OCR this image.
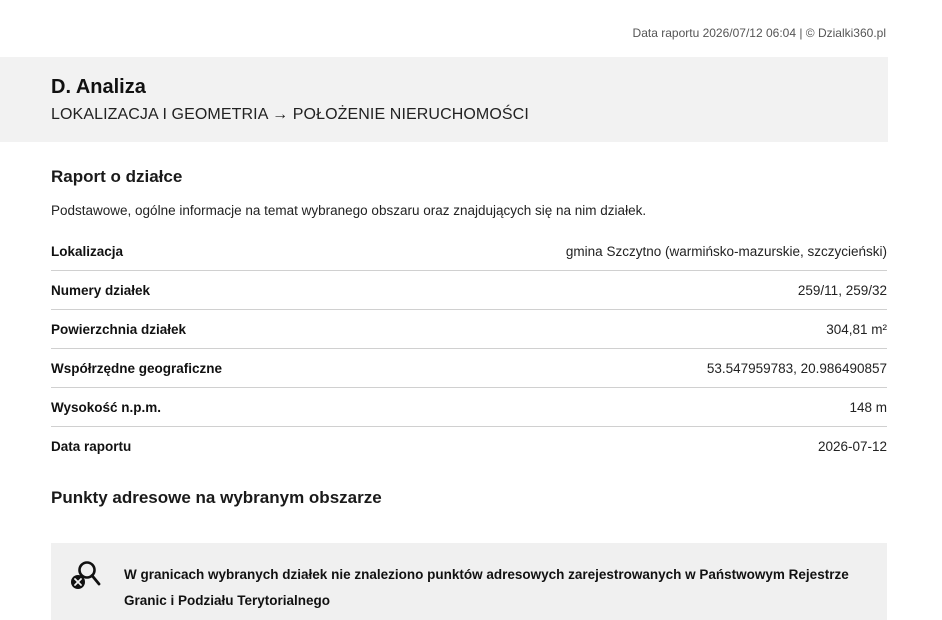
Data raportu 2026/07/12 06:04 | © Dzialki360.pl
D. Analiza
LOKALIZACJA I GEOMETRIA → POŁOŻENIE NIERUCHOMOŚCI
Raport o działce
Podstawowe, ogólne informacje na temat wybranego obszaru oraz znajdujących się na nim działek.
Lokalizacja	gmina Szczytno (warmińsko-mazurskie, szczycieński)
Numery działek	259/11, 259/32
Powierzchnia działek	304,81 m²
Współrzędne geograficzne	53.547959783, 20.986490857
Wysokość n.p.m.	148 m
Data raportu	2026-07-12
Punkty adresowe na wybranym obszarze
W granicach wybranych działek nie znaleziono punktów adresowych zarejestrowanych w Państwowym Rejestrze Granic i Podziału Terytorialnego
